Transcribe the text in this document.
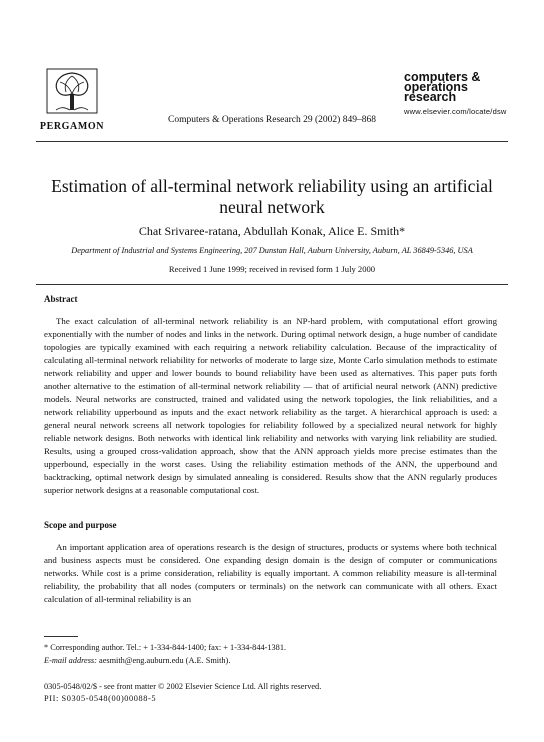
PERGAMON
Computers & Operations Research 29 (2002) 849–868
computers &
operations
research
www.elsevier.com/locate/dsw
Estimation of all-terminal network reliability using an artificial neural network
Chat Srivaree-ratana, Abdullah Konak, Alice E. Smith*
Department of Industrial and Systems Engineering, 207 Dunstan Hall, Auburn University, Auburn, AL 36849-5346, USA
Received 1 June 1999; received in revised form 1 July 2000
Abstract
The exact calculation of all-terminal network reliability is an NP-hard problem, with computational effort growing exponentially with the number of nodes and links in the network. During optimal network design, a huge number of candidate topologies are typically examined with each requiring a network reliability calculation. Because of the impracticality of calculating all-terminal network reliability for networks of moderate to large size, Monte Carlo simulation methods to estimate network reliability and upper and lower bounds to bound reliability have been used as alternatives. This paper puts forth another alternative to the estimation of all-terminal network reliability — that of artificial neural network (ANN) predictive models. Neural networks are constructed, trained and validated using the network topologies, the link reliabilities, and a network reliability upperbound as inputs and the exact network reliability as the target. A hierarchical approach is used: a general neural network screens all network topologies for reliability followed by a specialized neural network for highly reliable network designs. Both networks with identical link reliability and networks with varying link reliability are studied. Results, using a grouped cross-validation approach, show that the ANN approach yields more precise estimates than the upperbound, especially in the worst cases. Using the reliability estimation methods of the ANN, the upperbound and backtracking, optimal network design by simulated annealing is considered. Results show that the ANN regularly produces superior network designs at a reasonable computational cost.
Scope and purpose
An important application area of operations research is the design of structures, products or systems where both technical and business aspects must be considered. One expanding design domain is the design of computer or communications networks. While cost is a prime consideration, reliability is equally important. A common reliability measure is all-terminal reliability, the probability that all nodes (computers or terminals) on the network can communicate with all others. Exact calculation of all-terminal reliability is an
* Corresponding author. Tel.: + 1-334-844-1400; fax: + 1-334-844-1381.
E-mail address: aesmith@eng.auburn.edu (A.E. Smith).
0305-0548/02/$ - see front matter © 2002 Elsevier Science Ltd. All rights reserved.
PII: S0305-0548(00)00088-5
